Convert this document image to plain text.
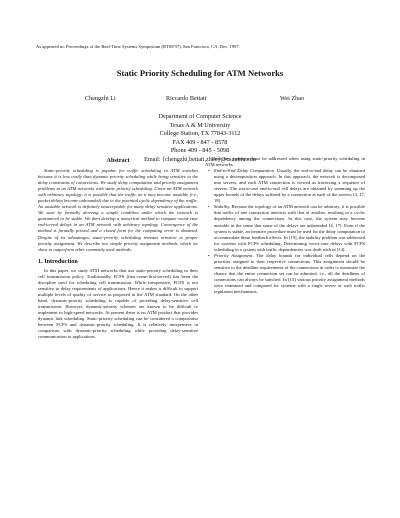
As appeared in: Proceedings of the Real-Time Systems Symposium (RTSS'97), San Francisco, CA, Dec. 1997.
Static Priority Scheduling for ATM Networks
Chengzhi Li	Riccardo Bettati	Wei Zhao
Department of Computer Science
Texas A & M University
College Station, TX 77843-3112
FAX 409 - 847 - 8578
Phone 409 - 845 - 5098
Email: {chengzhi,bettati,zhao}@cs.tamu.edu
Abstract

Static-priority scheduling is popular for traffic scheduling in ATM switches because it is less costly than dynamic priority scheduling while being sensitive to the delay constraints of connections. We study delay computation and priority assignment problems in an ATM networks with static priority scheduling. Given an ATM network with arbitrary topology, it is possible that the traffic on it may become unstable (i.e., packet delays become unbounded) due to the potential cyclic dependency of the traffic. An unstable network is definitely unacceptable for many delay sensitive applications. We start by formally deriving a simple condition under which the network is guaranteed to be stable. We then develop a numerical method to compute worst-case end-to-end delays in an ATM network with arbitrary topology. Convergence of the method is formally proved and a closed form for the computing error is obtained. Despite of its advantages, static-priority scheduling remains sensitive to proper priority assignment. We describe two simple priority assignment methods, which we show to outperform other commonly used methods.

1. Introduction

In this paper, we study ATM networks that use static-priority scheduling in their cell transmission policy. Traditionally, FCFS (first-come-first-served) has been the discipline used for scheduling cell transmission. While inexpensive, FCFS is not sensitive to delay requirements of applications. Hence it makes it difficult to support multiple levels of quality of service as proposed in the ATM standard. On the other hand, dynamic-priority scheduling is capable of providing delay-sensitive cell transmission. However, dynamic-priority schemes are known to be difficult to implement in high-speed networks. At present there is no ATM product that provides dynamic link scheduling. Static-priority scheduling can be considered a compromise between FCFS and dynamic-priority scheduling. It is relatively inexpensive in comparison with dynamic-priority scheduling while providing delay-sensitive communication to applications.

Three key problems must be addressed when using static-priority scheduling in ATM networks.

• End-to-End Delay Computation. Usually, the end-to-end delay can be obtained using a decomposition approach. In this approach, the network is decomposed into servers, and each ATM connection is viewed as traversing a sequence of servers. The worst-case end-to-end cell delays are obtained by summing up the upper bounds of the delays suffered by a connection at each of the servers [4, 17, 18].
• Stability. Because the topology of an ATM network can be arbitrary, it is possible that traffic of one connection interacts with that of another, resulting in a cyclic dependency among the connections. In this case, the system may become unstable in the sense that some of the delays are unbounded [4, 17]. Even if the system is stable, an iterative procedure must be used for the delay computation to accommodate these feedback effects. In [19], the stability problem was addressed for systems with FCFS scheduling. Determining worst-case delays with FCFS scheduling in a system with traffic dependencies was dealt with in [14].
• Priority Assignment. The delay bounds for individual cells depend on the priorities assigned to their respective connections. This assignment should be sensitive to the deadline requirements of the connections in order to maximize the chance that the entire connection set can be admitted, i.e., all the deadlines of connections can always be satisfied. In [15] various priority assignment methods were examined and compared for systems with a single server or with traffic regulation mechanisms.
